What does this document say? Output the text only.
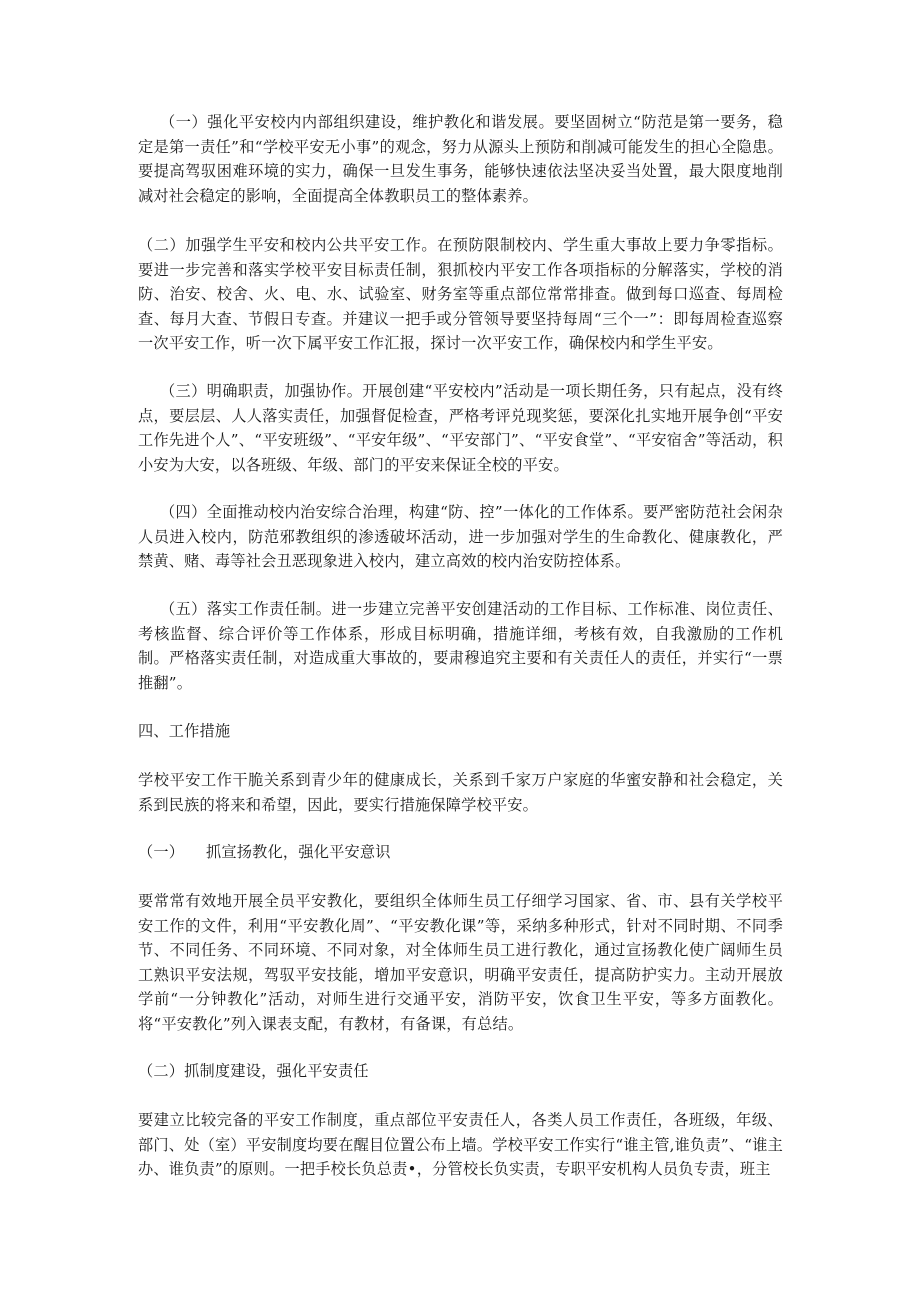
（一）强化平安校内内部组织建设，维护教化和谐发展。要坚固树立“防范是第一要务，稳定是第一责任”和“学校平安无小事”的观念，努力从源头上预防和削减可能发生的担心全隐患。要提高驾驭困难环境的实力，确保一旦发生事务，能够快速依法坚决妥当处置，最大限度地削减对社会稳定的影响，全面提高全体教职员工的整体素养。

（二）加强学生平安和校内公共平安工作。在预防限制校内、学生重大事故上要力争零指标。要进一步完善和落实学校平安目标责任制，狠抓校内平安工作各项指标的分解落实，学校的消防、治安、校舍、火、电、水、试验室、财务室等重点部位常常排查。做到每口巡查、每周检查、每月大查、节假日专查。并建议一把手或分管领导要坚持每周“三个一”：即每周检查巡察一次平安工作，听一次下属平安工作汇报，探讨一次平安工作，确保校内和学生平安。

（三）明确职责，加强协作。开展创建“平安校内”活动是一项长期任务，只有起点，没有终点，要层层、人人落实责任，加强督促检查，严格考评兑现奖惩，要深化扎实地开展争创“平安工作先进个人”、“平安班级”、“平安年级”、“平安部门”、“平安食堂”、“平安宿舍”等活动，积小安为大安，以各班级、年级、部门的平安来保证全校的平安。

（四）全面推动校内治安综合治理，构建“防、控”一体化的工作体系。要严密防范社会闲杂人员进入校内，防范邪教组织的渗透破坏活动，进一步加强对学生的生命教化、健康教化，严禁黄、赌、毒等社会丑恶现象进入校内，建立高效的校内治安防控体系。

（五）落实工作责任制。进一步建立完善平安创建活动的工作目标、工作标准、岗位责任、考核监督、综合评价等工作体系，形成目标明确，措施详细，考核有效，自我激励的工作机制。严格落实责任制，对造成重大事故的，要肃穆追究主要和有关责任人的责任，并实行“一票推翻”。

四、工作措施

学校平安工作干脆关系到青少年的健康成长，关系到千家万户家庭的华蜜安静和社会稳定，关系到民族的将来和希望，因此，要实行措施保障学校平安。

（一） 抓宣扬教化，强化平安意识

要常常有效地开展全员平安教化，要组织全体师生员工仔细学习国家、省、市、县有关学校平安工作的文件，利用“平安教化周”、“平安教化课”等，采纳多种形式，针对不同时期、不同季节、不同任务、不同环境、不同对象，对全体师生员工进行教化，通过宣扬教化使广阔师生员工熟识平安法规，驾驭平安技能，增加平安意识，明确平安责任，提高防护实力。主动开展放学前“一分钟教化”活动，对师生进行交通平安，消防平安，饮食卫生平安，等多方面教化。将“平安教化”列入课表支配，有教材，有备课，有总结。

（二）抓制度建设，强化平安责任

要建立比较完备的平安工作制度，重点部位平安责任人，各类人员工作责任，各班级，年级、部门、处（室）平安制度均要在醒目位置公布上墙。学校平安工作实行“谁主管,谁负责”、“谁主办、谁负责”的原则。一把手校长负总责•，分管校长负实责，专职平安机构人员负专责，班主
